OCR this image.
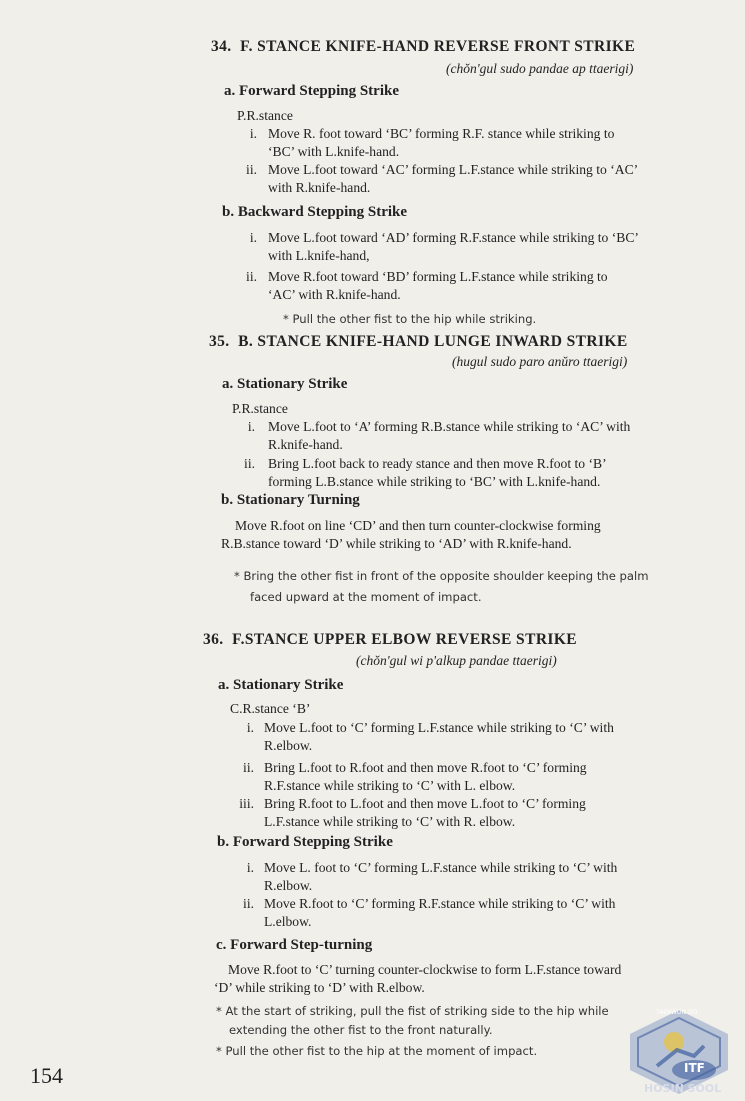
34. F. STANCE KNIFE-HAND REVERSE FRONT STRIKE
(chŏn'gul sudo pandae ap ttaerigi)
a. Forward Stepping Strike
P.R.stance
i. Move R. foot toward ‘BC’ forming R.F. stance while striking to
‘BC’ with L.knife-hand.
ii. Move L.foot toward ‘AC’ forming L.F.stance while striking to ‘AC’
with R.knife-hand.
b. Backward Stepping Strike
i. Move L.foot toward ‘AD’ forming R.F.stance while striking to ‘BC’
with L.knife-hand,
ii. Move R.foot toward ‘BD’ forming L.F.stance while striking to
‘AC’ with R.knife-hand.
* Pull the other fist to the hip while striking.
35. B. STANCE KNIFE-HAND LUNGE INWARD STRIKE
(hugul sudo paro anŭro ttaerigi)
a. Stationary Strike
P.R.stance
i. Move L.foot to ‘A’ forming R.B.stance while striking to ‘AC’ with
R.knife-hand.
ii. Bring L.foot back to ready stance and then move R.foot to ‘B’
forming L.B.stance while striking to ‘BC’ with L.knife-hand.
b. Stationary Turning
Move R.foot on line ‘CD’ and then turn counter-clockwise forming
R.B.stance toward ‘D’ while striking to ‘AD’ with R.knife-hand.
* Bring the other fist in front of the opposite shoulder keeping the palm
faced upward at the moment of impact.
36. F.STANCE UPPER ELBOW REVERSE STRIKE
(chŏn'gul wi p'alkup pandae ttaerigi)
a. Stationary Strike
C.R.stance ‘B’
i. Move L.foot to ‘C’ forming L.F.stance while striking to ‘C’ with
R.elbow.
ii. Bring L.foot to R.foot and then move R.foot to ‘C’ forming
R.F.stance while striking to ‘C’ with L. elbow.
iii. Bring R.foot to L.foot and then move L.foot to ‘C’ forming
L.F.stance while striking to ‘C’ with R. elbow.
b. Forward Stepping Strike
i. Move L. foot to ‘C’ forming L.F.stance while striking to ‘C’ with
R.elbow.
ii. Move R.foot to ‘C’ forming R.F.stance while striking to ‘C’ with
L.elbow.
c. Forward Step-turning
Move R.foot to ‘C’ turning counter-clockwise to form L.F.stance toward
‘D’ while striking to ‘D’ with R.elbow.
* At the start of striking, pull the fist of striking side to the hip while
extending the other fist to the front naturally.
* Pull the other fist to the hip at the moment of impact.
154
TAEKWON-DO
ITF
HOSIN SOOL
